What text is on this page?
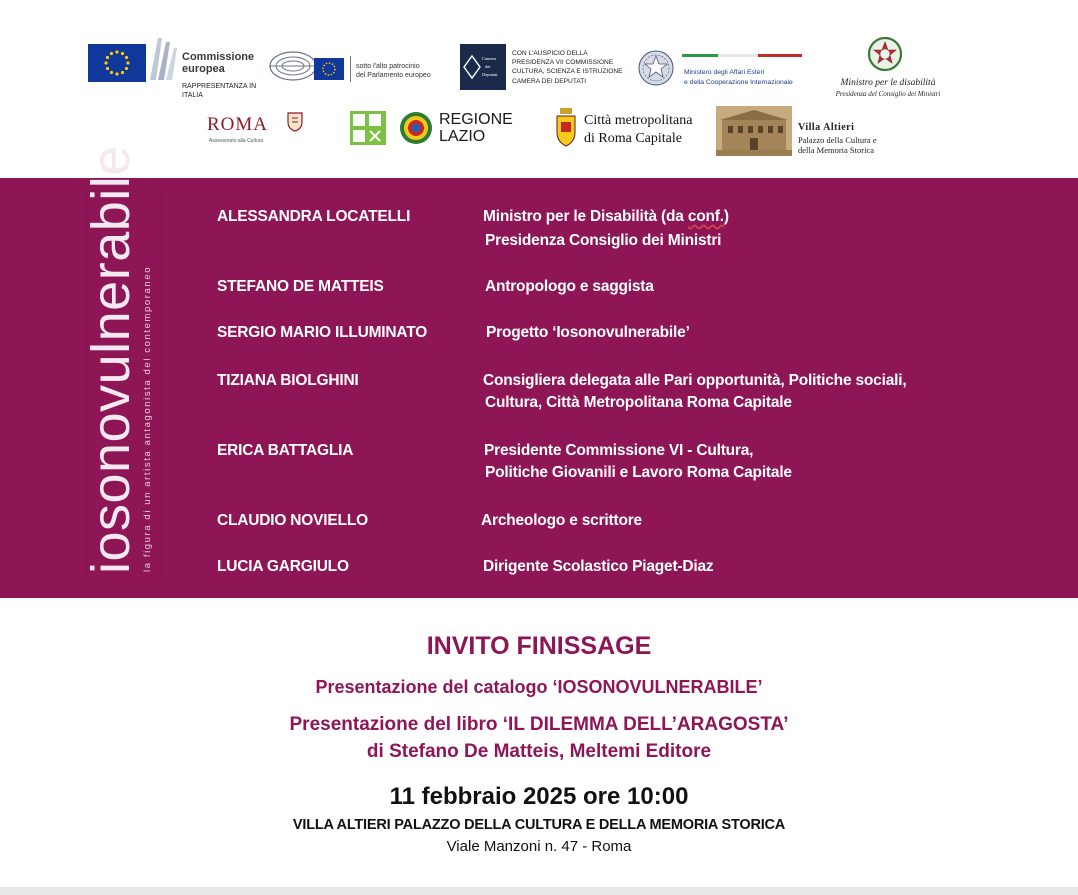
Commissione
europea
RAPPRESENTANZA IN
ITALIA
sotto l'alto patrocinio
del Parlamento europeo
Camera
dei
Deputati
CON L'AUSPICIO DELLA
PRESIDENZA VII COMMISSIONE
CULTURA, SCIENZA E ISTRUZIONE
CAMERA DEI DEPUTATI
Ministero degli Affari Esteri
e della Cooperazione Internazionale	Ministro per le disabilità
Presidenza del Consiglio dei Ministri
ROMA
Assessorato alla Cultura
REGIONE
LAZIO
Città metropolitana
di Roma Capitale
Villa Altieri
Palazzo della Cultura e
della Memoria Storica
iosonovulnerabile la figura di un artista antagonista del contemporaneo
ALESSANDRA LOCATELLI	Ministro per le Disabilità (da conf.)
Presidenza Consiglio dei Ministri
STEFANO DE MATTEIS	Antropologo e saggista
SERGIO MARIO ILLUMINATO	Progetto ‘Iosonovulnerabile’
TIZIANA BIOLGHINI	Consigliera delegata alle Pari opportunità, Politiche sociali,
Cultura, Città Metropolitana Roma Capitale
ERICA BATTAGLIA	Presidente Commissione VI - Cultura,
Politiche Giovanili e Lavoro Roma Capitale
CLAUDIO NOVIELLO	Archeologo e scrittore
LUCIA GARGIULO	Dirigente Scolastico Piaget-Diaz
INVITO FINISSAGE
Presentazione del catalogo ‘IOSONOVULNERABILE’
Presentazione del libro ‘IL DILEMMA DELL’ARAGOSTA’
di Stefano De Matteis, Meltemi Editore
11 febbraio 2025 ore 10:00
VILLA ALTIERI PALAZZO DELLA CULTURA E DELLA MEMORIA STORICA
Viale Manzoni n. 47 - Roma
